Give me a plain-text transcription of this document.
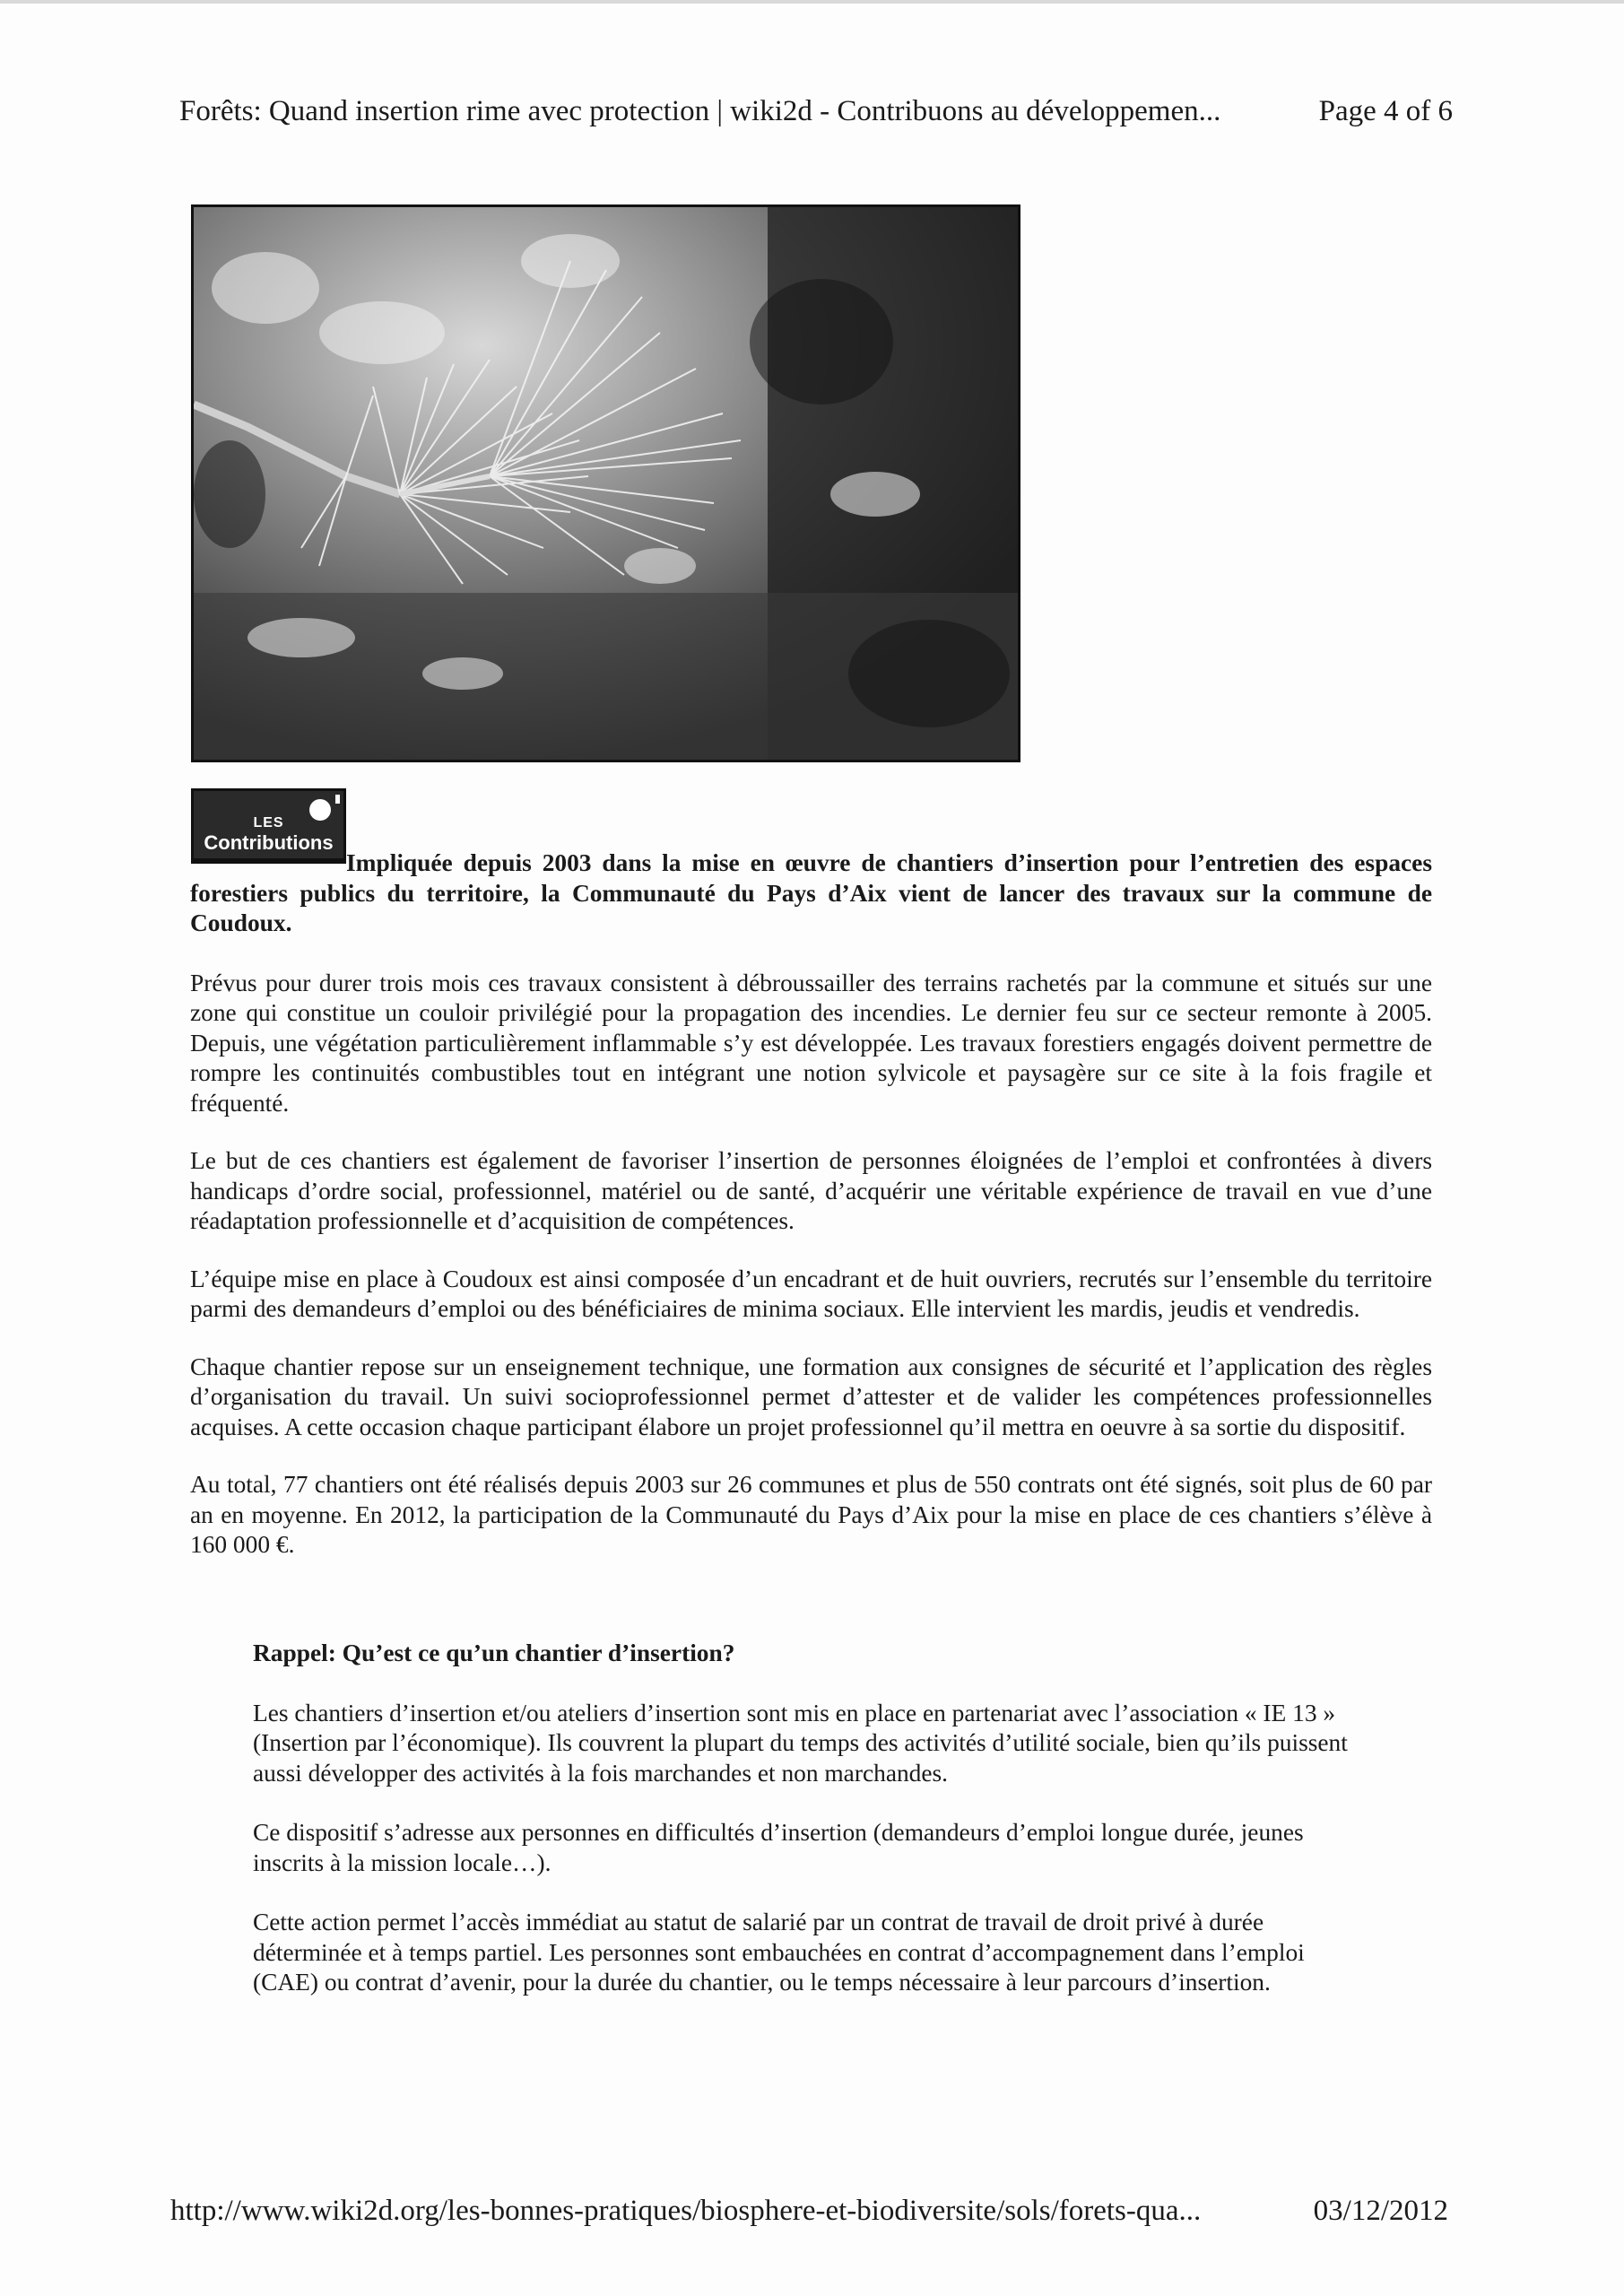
Forêts: Quand insertion rime avec protection | wiki2d - Contribuons au développemen...	Page 4 of 6
LES
Contributions

Impliquée depuis 2003 dans la mise en œuvre de chantiers d’insertion pour l’entretien des espaces forestiers publics du territoire, la Communauté du Pays d’Aix vient de lancer des travaux sur la commune de Coudoux.

Prévus pour durer trois mois ces travaux consistent à débroussailler des terrains rachetés par la commune et situés sur une zone qui constitue un couloir privilégié pour la propagation des incendies. Le dernier feu sur ce secteur remonte à 2005. Depuis, une végétation particulièrement inflammable s’y est développée. Les travaux forestiers engagés doivent permettre de rompre les continuités combustibles tout en intégrant une notion sylvicole et paysagère sur ce site à la fois fragile et fréquenté.

Le but de ces chantiers est également de favoriser l’insertion de personnes éloignées de l’emploi et confrontées à divers handicaps d’ordre social, professionnel, matériel ou de santé, d’acquérir une véritable expérience de travail en vue d’une réadaptation professionnelle et d’acquisition de compétences.

L’équipe mise en place à Coudoux est ainsi composée d’un encadrant et de huit ouvriers, recrutés sur l’ensemble du territoire parmi des demandeurs d’emploi ou des bénéficiaires de minima sociaux. Elle intervient les mardis, jeudis et vendredis.

Chaque chantier repose sur un enseignement technique, une formation aux consignes de sécurité et l’application des règles d’organisation du travail. Un suivi socioprofessionnel permet d’attester et de valider les compétences professionnelles acquises. A cette occasion chaque participant élabore un projet professionnel qu’il mettra en oeuvre à sa sortie du dispositif.

Au total, 77 chantiers ont été réalisés depuis 2003 sur 26 communes et plus de 550 contrats ont été signés, soit plus de 60 par an en moyenne. En 2012, la participation de la Communauté du Pays d’Aix pour la mise en place de ces chantiers s’élève à 160 000 €.

Rappel: Qu’est ce qu’un chantier d’insertion?

Les chantiers d’insertion et/ou ateliers d’insertion sont mis en place en partenariat avec l’association « IE 13 » (Insertion par l’économique). Ils couvrent la plupart du temps des activités d’utilité sociale, bien qu’ils puissent aussi développer des activités à la fois marchandes et non marchandes.

Ce dispositif s’adresse aux personnes en difficultés d’insertion (demandeurs d’emploi longue durée, jeunes inscrits à la mission locale…).

Cette action permet l’accès immédiat au statut de salarié par un contrat de travail de droit privé à durée déterminée et à temps partiel. Les personnes sont embauchées en contrat d’accompagnement dans l’emploi (CAE) ou contrat d’avenir, pour la durée du chantier, ou le temps nécessaire à leur parcours d’insertion.

http://www.wiki2d.org/les-bonnes-pratiques/biosphere-et-biodiversite/sols/forets-qua...	03/12/2012
